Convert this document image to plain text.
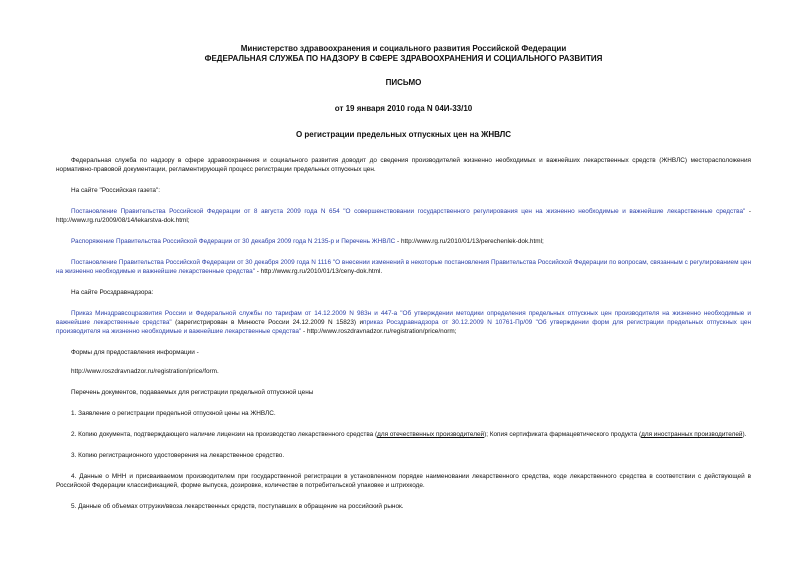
Министерство здравоохранения и социального развития Российской Федерации
ФЕДЕРАЛЬНАЯ СЛУЖБА ПО НАДЗОРУ В СФЕРЕ ЗДРАВООХРАНЕНИЯ И СОЦИАЛЬНОГО РАЗВИТИЯ
ПИСЬМО
от 19 января 2010 года N 04И-33/10
О регистрации предельных отпускных цен на ЖНВЛС

Федеральная служба по надзору в сфере здравоохранения и социального развития доводит до сведения производителей жизненно необходимых и важнейших лекарственных средств (ЖНВЛС) месторасположения нормативно-правовой документации, регламентирующей процесс регистрации предельных отпускных цен.

На сайте "Российская газета":

Постановление Правительства Российской Федерации от 8 августа 2009 года N 654 "О совершенствовании государственного регулирования цен на жизненно необходимые и важнейшие лекарственные средства" - http://www.rg.ru/2009/08/14/lekarstva-dok.html;

Распоряжение Правительства Российской Федерации от 30 декабря 2009 года N 2135-р и Перечень ЖНВЛС - http://www.rg.ru/2010/01/13/perechenlek-dok.html;

Постановление Правительства Российской Федерации от 30 декабря 2009 года N 1116 "О внесении изменений в некоторые постановления Правительства Российской Федерации по вопросам, связанным с регулированием цен на жизненно необходимые и важнейшие лекарственные средства" - http://www.rg.ru/2010/01/13/ceny-dok.html.

На сайте Росздравнадзора:

Приказ Минздравсоцразвития России и Федеральной службы по тарифам от 14.12.2009 N 983н и 447-а "Об утверждении методики определения предельных отпускных цен производителя на жизненно необходимые и важнейшие лекарственные средства" (зарегистрирован в Минюсте России 24.12.2009 N 15823) иприказ Росздравнадзора от 30.12.2009 N 10761-Пр/09 "Об утверждении форм для регистрации предельных отпускных цен производителя на жизненно необходимые и важнейшие лекарственные средства" - http://www.roszdravnadzor.ru/registration/price/norm;

Формы для предоставления информации -

http://www.roszdravnadzor.ru/registration/price/form.

Перечень документов, подаваемых для регистрации предельной отпускной цены

1. Заявление о регистрации предельной отпускной цены на ЖНВЛС.

2. Копию документа, подтверждающего наличие лицензии на производство лекарственного средства (для отечественных производителей); Копия сертификата фармацевтического продукта (для иностранных производителей).

3. Копию регистрационного удостоверения на лекарственное средство.

4. Данные о МНН и присваиваемом производителем при государственной регистрации в установленном порядке наименовании лекарственного средства, коде лекарственного средства в соответствии с действующей в Российской Федерации классификацией, форме выпуска, дозировке, количестве в потребительской упаковке и штрихкоде.

5. Данные об объемах отгрузки/ввоза лекарственных средств, поступавших в обращение на российский рынок.
